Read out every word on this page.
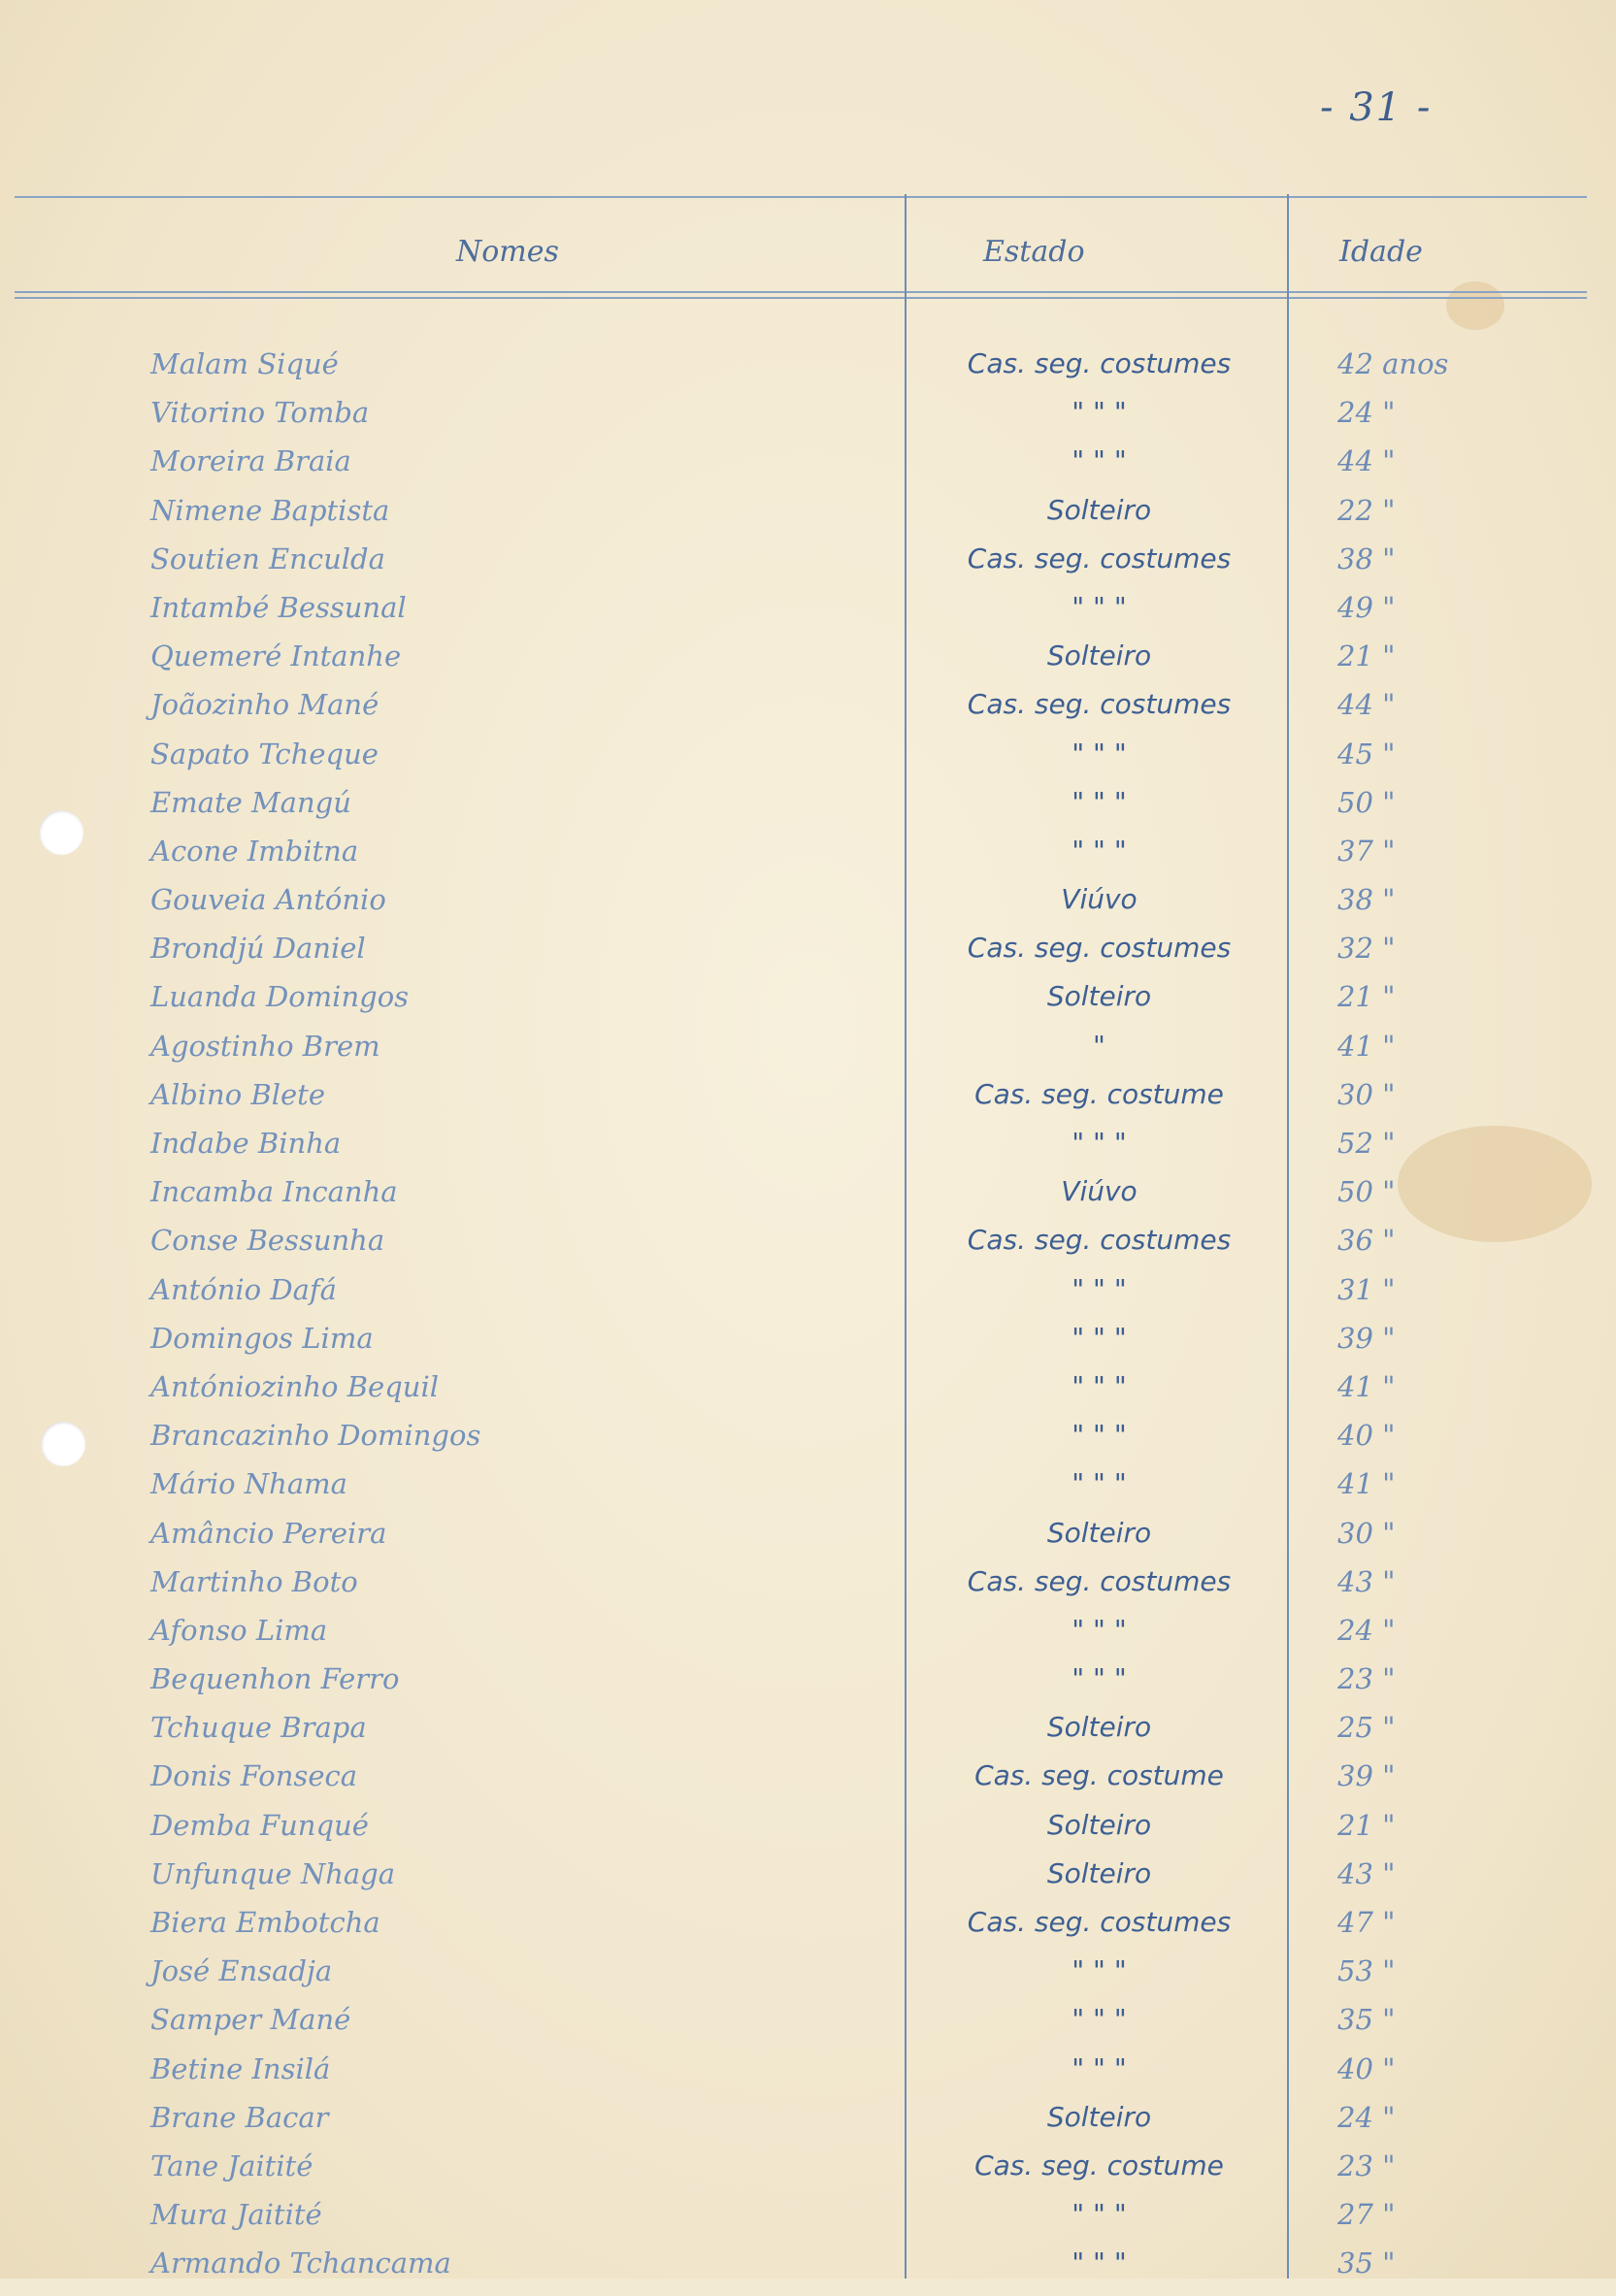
- 31 -
Nomes	Estado	Idade
Malam Siqué	Cas. seg. costumes	42 anos
Vitorino Tomba	" " "	24 "
Moreira Braia	" " "	44 "
Nimene Baptista	Solteiro	22 "
Soutien Enculda	Cas. seg. costumes	38 "
Intambé Bessunal	" " "	49 "
Quemeré Intanhe	Solteiro	21 "
Joãozinho Mané	Cas. seg. costumes	44 "
Sapato Tcheque	" " "	45 "
Emate Mangú	" " "	50 "
Acone Imbitna	" " "	37 "
Gouveia António	Viúvo	38 "
Brondjú Daniel	Cas. seg. costumes	32 "
Luanda Domingos	Solteiro	21 "
Agostinho Brem	"	41 "
Albino Blete	Cas. seg. costume	30 "
Indabe Binha	" " "	52 "
Incamba Incanha	Viúvo	50 "
Conse Bessunha	Cas. seg. costumes	36 "
António Dafá	" " "	31 "
Domingos Lima	" " "	39 "
Antóniozinho Bequil	" " "	41 "
Brancazinho Domingos	" " "	40 "
Mário Nhama	" " "	41 "
Amâncio Pereira	Solteiro	30 "
Martinho Boto	Cas. seg. costumes	43 "
Afonso Lima	" " "	24 "
Bequenhon Ferro	" " "	23 "
Tchuque Brapa	Solteiro	25 "
Donis Fonseca	Cas. seg. costume	39 "
Demba Funqué	Solteiro	21 "
Unfunque Nhaga	Solteiro	43 "
Biera Embotcha	Cas. seg. costumes	47 "
José Ensadja	" " "	53 "
Samper Mané	" " "	35 "
Betine Insilá	" " "	40 "
Brane Bacar	Solteiro	24 "
Tane Jaitité	Cas. seg. costume	23 "
Mura Jaitité	" " "	27 "
Armando Tchancama	" " "	35 "
